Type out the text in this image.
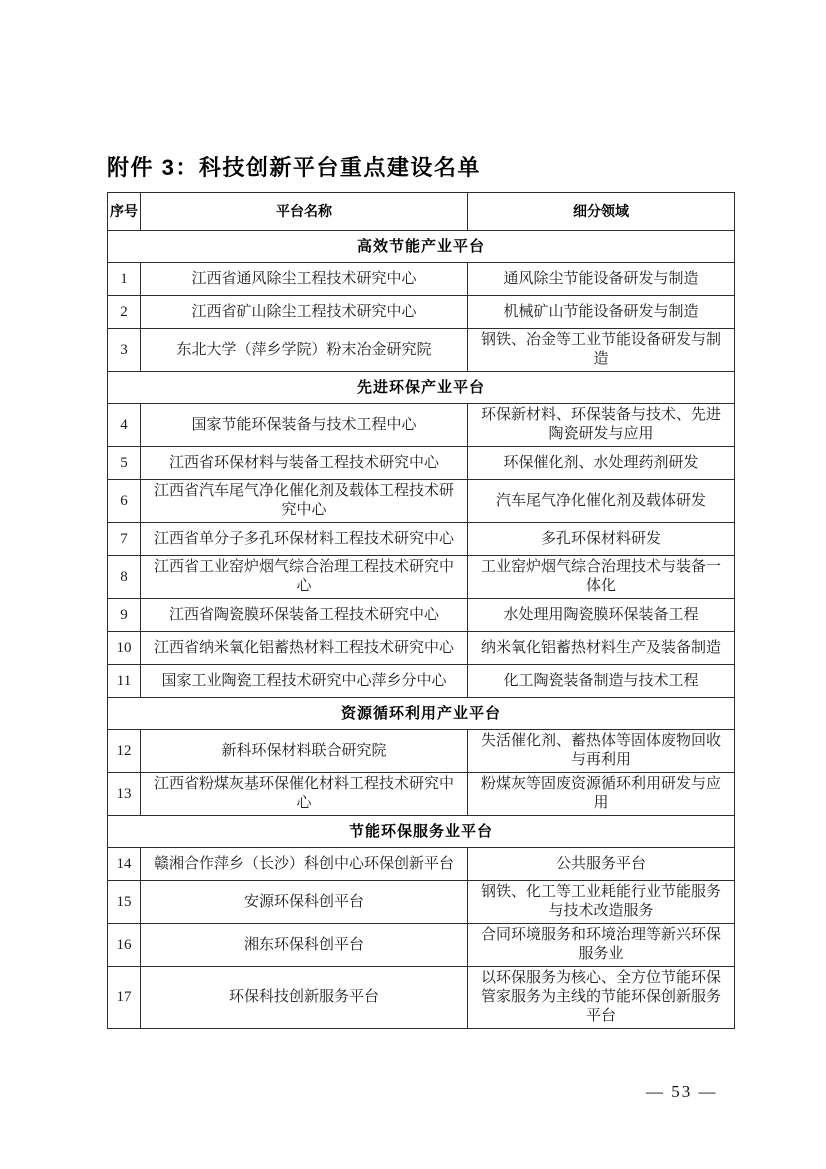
附件 3：科技创新平台重点建设名单
序号	平台名称	细分领域
高效节能产业平台		
1	江西省通风除尘工程技术研究中心	通风除尘节能设备研发与制造
2	江西省矿山除尘工程技术研究中心	机械矿山节能设备研发与制造
3	东北大学（萍乡学院）粉末冶金研究院	钢铁、冶金等工业节能设备研发与制造
先进环保产业平台		
4	国家节能环保装备与技术工程中心	环保新材料、环保装备与技术、先进陶瓷研发与应用
5	江西省环保材料与装备工程技术研究中心	环保催化剂、水处理药剂研发
6	江西省汽车尾气净化催化剂及载体工程技术研究中心	汽车尾气净化催化剂及载体研发
7	江西省单分子多孔环保材料工程技术研究中心	多孔环保材料研发
8	江西省工业窑炉烟气综合治理工程技术研究中心	工业窑炉烟气综合治理技术与装备一体化
9	江西省陶瓷膜环保装备工程技术研究中心	水处理用陶瓷膜环保装备工程
10	江西省纳米氧化铝蓄热材料工程技术研究中心	纳米氧化铝蓄热材料生产及装备制造
11	国家工业陶瓷工程技术研究中心萍乡分中心	化工陶瓷装备制造与技术工程
资源循环利用产业平台		
12	新科环保材料联合研究院	失活催化剂、蓄热体等固体废物回收与再利用
13	江西省粉煤灰基环保催化材料工程技术研究中心	粉煤灰等固废资源循环利用研发与应用
节能环保服务业平台		
14	赣湘合作萍乡（长沙）科创中心环保创新平台	公共服务平台
15	安源环保科创平台	钢铁、化工等工业耗能行业节能服务与技术改造服务
16	湘东环保科创平台	合同环境服务和环境治理等新兴环保服务业
17	环保科技创新服务平台	以环保服务为核心、全方位节能环保管家服务为主线的节能环保创新服务平台
— 53 —
